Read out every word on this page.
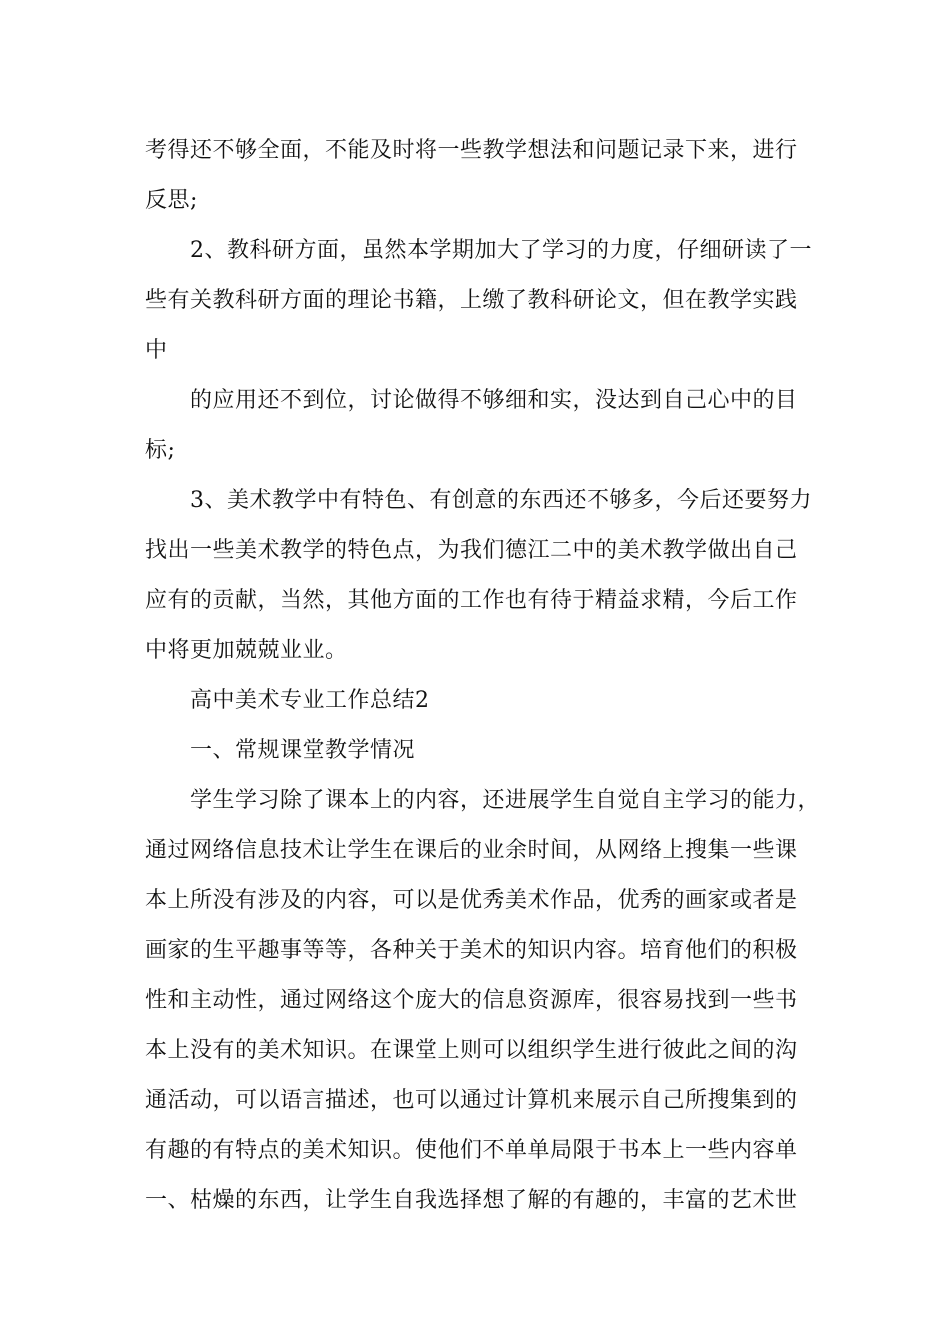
考得还不够全面，不能及时将一些教学想法和问题记录下来，进行
反思;
2、教科研方面，虽然本学期加大了学习的力度，仔细研读了一
些有关教科研方面的理论书籍，上缴了教科研论文，但在教学实践
中
的应用还不到位，讨论做得不够细和实，没达到自己心中的目
标;
3、美术教学中有特色、有创意的东西还不够多，今后还要努力
找出一些美术教学的特色点，为我们德江二中的美术教学做出自己
应有的贡献，当然，其他方面的工作也有待于精益求精，今后工作
中将更加兢兢业业。
高中美术专业工作总结2
一、常规课堂教学情况
学生学习除了课本上的内容，还进展学生自觉自主学习的能力，
通过网络信息技术让学生在课后的业余时间，从网络上搜集一些课
本上所没有涉及的内容，可以是优秀美术作品，优秀的画家或者是
画家的生平趣事等等，各种关于美术的知识内容。培育他们的积极
性和主动性，通过网络这个庞大的信息资源库，很容易找到一些书
本上没有的美术知识。在课堂上则可以组织学生进行彼此之间的沟
通活动，可以语言描述，也可以通过计算机来展示自己所搜集到的
有趣的有特点的美术知识。使他们不单单局限于书本上一些内容单
一、枯燥的东西，让学生自我选择想了解的有趣的，丰富的艺术世
